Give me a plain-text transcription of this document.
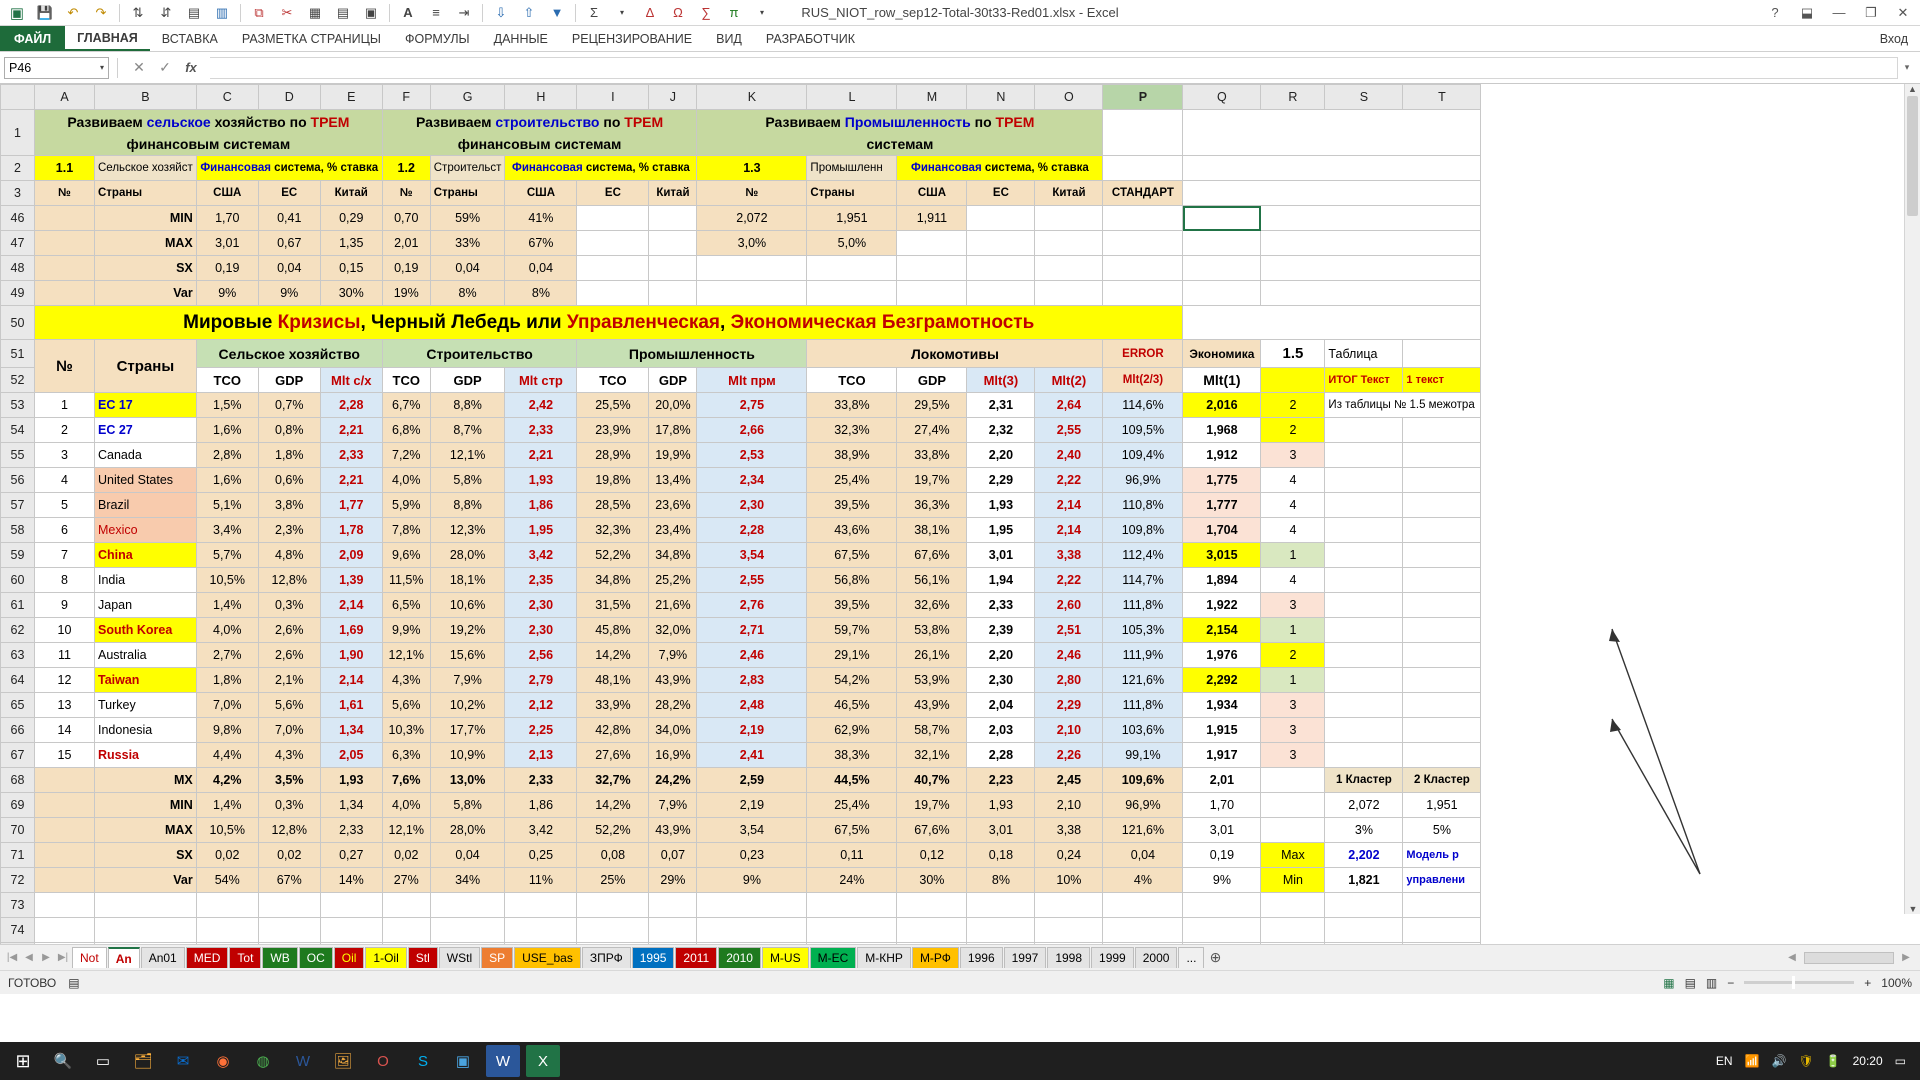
▣ 💾	↶	↷	⇅	⇵	▤	▥	⧉	✂	▦	▤	▣	A	≡	⇥	⇩	⇧	▼	Σ	▾	Δ	Ω	∑	π	▾	RUS_NIOT_row_sep12-Total-30t33-Red01.xlsx - Excel	?	⬓	—	❐	✕
ФАЙЛ	ГЛАВНАЯ	ВСТАВКА	РАЗМЕТКА СТРАНИЦЫ	ФОРМУЛЫ	ДАННЫЕ	РЕЦЕНЗИРОВАНИЕ	ВИД	РАЗРАБОТЧИК	Вход
P46	▾	✕	✓	fx	▾
	A	B	C	D	E	F	G	H	I	J	K	L	M	N	O	P	Q	R	S	T
1	Развиваем сельское хозяйство по ТРЕМ
финансовым системам					Развиваем строительство по ТРЕМ
финансовым системам					Развиваем Промышленность по ТРЕМ
системам									
2	1.1	Сельское хозяйст	Финансовая система, % ставка			1.2	Строительст	Финансовая система, % ставка			1.3	Промышленн	Финансовая система, % ставка							
3	№	Страны	США	ЕС	Китай	№	Страны	США	ЕС	Китай	№	Страны	США	ЕС	Китай	СТАНДАРТ				
46		MIN	1,70	0,41	0,29	0,70	59%	41%			2,072	1,951	1,911							
47		MAX	3,01	0,67	1,35	2,01	33%	67%			3,0%	5,0%								
48		SX	0,19	0,04	0,15	0,19	0,04	0,04												
49		Var	9%	9%	30%	19%	8%	8%												
50	Мировые Кризисы, Черный Лебедь или Управленческая, Экономическая Безграмотность																			
51	№	Страны	Сельское хозяйство			Строительство			Промышленность			Локомотивы				ERROR	Экономика	1.5	Таблица	
52			TCO	GDP	Mlt c/x	TCO	GDP	Mlt стр	TCO	GDP	Mlt прм	TCO	GDP	Mlt(3)	Mlt(2)	Mlt(2/3)	Mlt(1)		ИТОГ Текст	1 текст
53	1	ЕС 17	1,5%	0,7%	2,28	6,7%	8,8%	2,42	25,5%	20,0%	2,75	33,8%	29,5%	2,31	2,64	114,6%	2,016	2	Из таблицы № 1.5 межотра	
54	2	ЕС 27	1,6%	0,8%	2,21	6,8%	8,7%	2,33	23,9%	17,8%	2,66	32,3%	27,4%	2,32	2,55	109,5%	1,968	2		
55	3	Canada	2,8%	1,8%	2,33	7,2%	12,1%	2,21	28,9%	19,9%	2,53	38,9%	33,8%	2,20	2,40	109,4%	1,912	3		
56	4	United States	1,6%	0,6%	2,21	4,0%	5,8%	1,93	19,8%	13,4%	2,34	25,4%	19,7%	2,29	2,22	96,9%	1,775	4		
57	5	Brazil	5,1%	3,8%	1,77	5,9%	8,8%	1,86	28,5%	23,6%	2,30	39,5%	36,3%	1,93	2,14	110,8%	1,777	4		
58	6	Mexico	3,4%	2,3%	1,78	7,8%	12,3%	1,95	32,3%	23,4%	2,28	43,6%	38,1%	1,95	2,14	109,8%	1,704	4		
59	7	China	5,7%	4,8%	2,09	9,6%	28,0%	3,42	52,2%	34,8%	3,54	67,5%	67,6%	3,01	3,38	112,4%	3,015	1		
60	8	India	10,5%	12,8%	1,39	11,5%	18,1%	2,35	34,8%	25,2%	2,55	56,8%	56,1%	1,94	2,22	114,7%	1,894	4		
61	9	Japan	1,4%	0,3%	2,14	6,5%	10,6%	2,30	31,5%	21,6%	2,76	39,5%	32,6%	2,33	2,60	111,8%	1,922	3		
62	10	South Korea	4,0%	2,6%	1,69	9,9%	19,2%	2,30	45,8%	32,0%	2,71	59,7%	53,8%	2,39	2,51	105,3%	2,154	1		
63	11	Australia	2,7%	2,6%	1,90	12,1%	15,6%	2,56	14,2%	7,9%	2,46	29,1%	26,1%	2,20	2,46	111,9%	1,976	2		
64	12	Taiwan	1,8%	2,1%	2,14	4,3%	7,9%	2,79	48,1%	43,9%	2,83	54,2%	53,9%	2,30	2,80	121,6%	2,292	1		
65	13	Turkey	7,0%	5,6%	1,61	5,6%	10,2%	2,12	33,9%	28,2%	2,48	46,5%	43,9%	2,04	2,29	111,8%	1,934	3		
66	14	Indonesia	9,8%	7,0%	1,34	10,3%	17,7%	2,25	42,8%	34,0%	2,19	62,9%	58,7%	2,03	2,10	103,6%	1,915	3		
67	15	Russia	4,4%	4,3%	2,05	6,3%	10,9%	2,13	27,6%	16,9%	2,41	38,3%	32,1%	2,28	2,26	99,1%	1,917	3		
68		MX	4,2%	3,5%	1,93	7,6%	13,0%	2,33	32,7%	24,2%	2,59	44,5%	40,7%	2,23	2,45	109,6%	2,01		1 Кластер	2 Кластер
69		MIN	1,4%	0,3%	1,34	4,0%	5,8%	1,86	14,2%	7,9%	2,19	25,4%	19,7%	1,93	2,10	96,9%	1,70		2,072	1,951
70		MAX	10,5%	12,8%	2,33	12,1%	28,0%	3,42	52,2%	43,9%	3,54	67,5%	67,6%	3,01	3,38	121,6%	3,01		3%	5%
71		SX	0,02	0,02	0,27	0,02	0,04	0,25	0,08	0,07	0,23	0,11	0,12	0,18	0,24	0,04	0,19	Max	2,202	Модель р
72		Var	54%	67%	14%	27%	34%	11%	25%	29%	9%	24%	30%	8%	10%	4%	9%	Min	1,821	управлени
73																				
74																				

▲
▼
|◀ ◀ ▶ ▶| Not	An	An01	MED	Tot	WB	OC	Oil	1-Oil	Stl	WStl	SP	USE_bas	ЗПРФ	1995	2011	2010	M-US	M-EC	М-КНР	М-РФ	1996	1997	1998	1999	2000	... ⊕	◀	▶
ГОТОВО ▤	▦ ▤ ▥ −	+ 100%
⊞	🔍	▭	🗂	✉	◉	◍	W	🖼	O	S	▣	W	X	EN 📶 🔊 🛡 🔋 20:20 ▭
